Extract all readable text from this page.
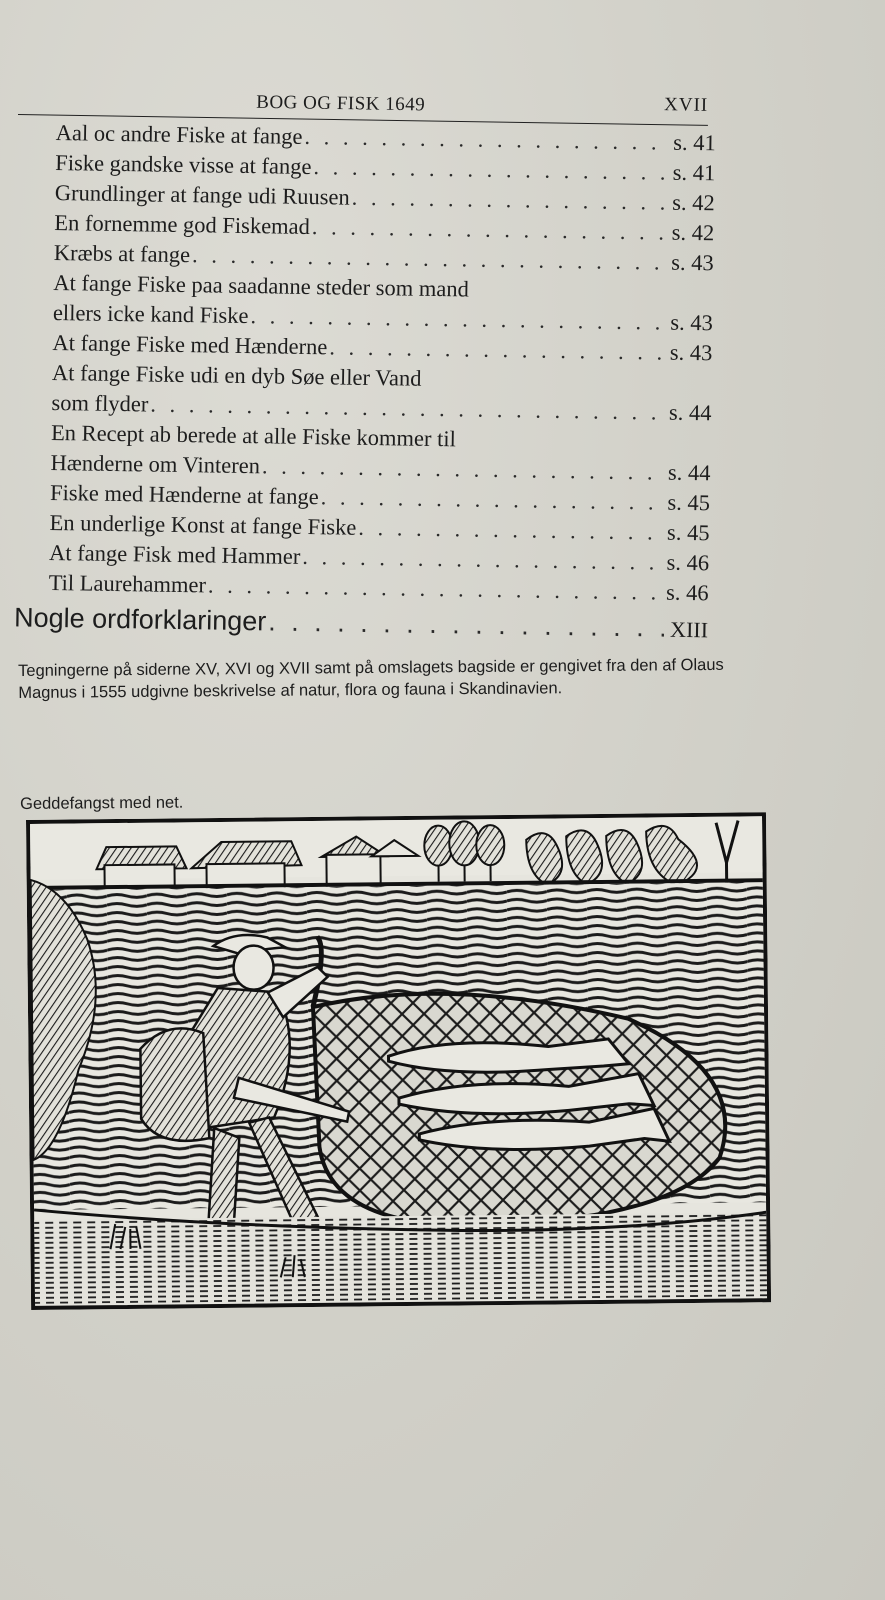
BOG OG FISK 1649	XVII
Aal oc andre Fiske at fange . . .	s. 41
Fiske gandske visse at fange . . .	s. 41
Grundlinger at fange udi Ruusen . . .	s. 42
En fornemme god Fiskemad . . .	s. 42
Kræbs at fange . . .	s. 43
At fange Fiske paa saadanne steder som mand
ellers icke kand Fiske . . .	s. 43
At fange Fiske med Hænderne . . .	s. 43
At fange Fiske udi en dyb Søe eller Vand
som flyder . . .	s. 44
En Recept ab berede at alle Fiske kommer til
Hænderne om Vinteren . . .	s. 44
Fiske med Hænderne at fange . . .	s. 45
En underlige Konst at fange Fiske . . .	s. 45
At fange Fisk med Hammer . . .	s. 46
Til Laurehammer . . .	s. 46
Nogle ordforklaringer . . .	XIII
Tegningerne på siderne XV, XVI og XVII samt på omslagets bagside er gengivet fra den af Olaus Magnus i 1555 udgivne beskrivelse af natur, flora og fauna i Skandinavien.
Geddefangst med net.
